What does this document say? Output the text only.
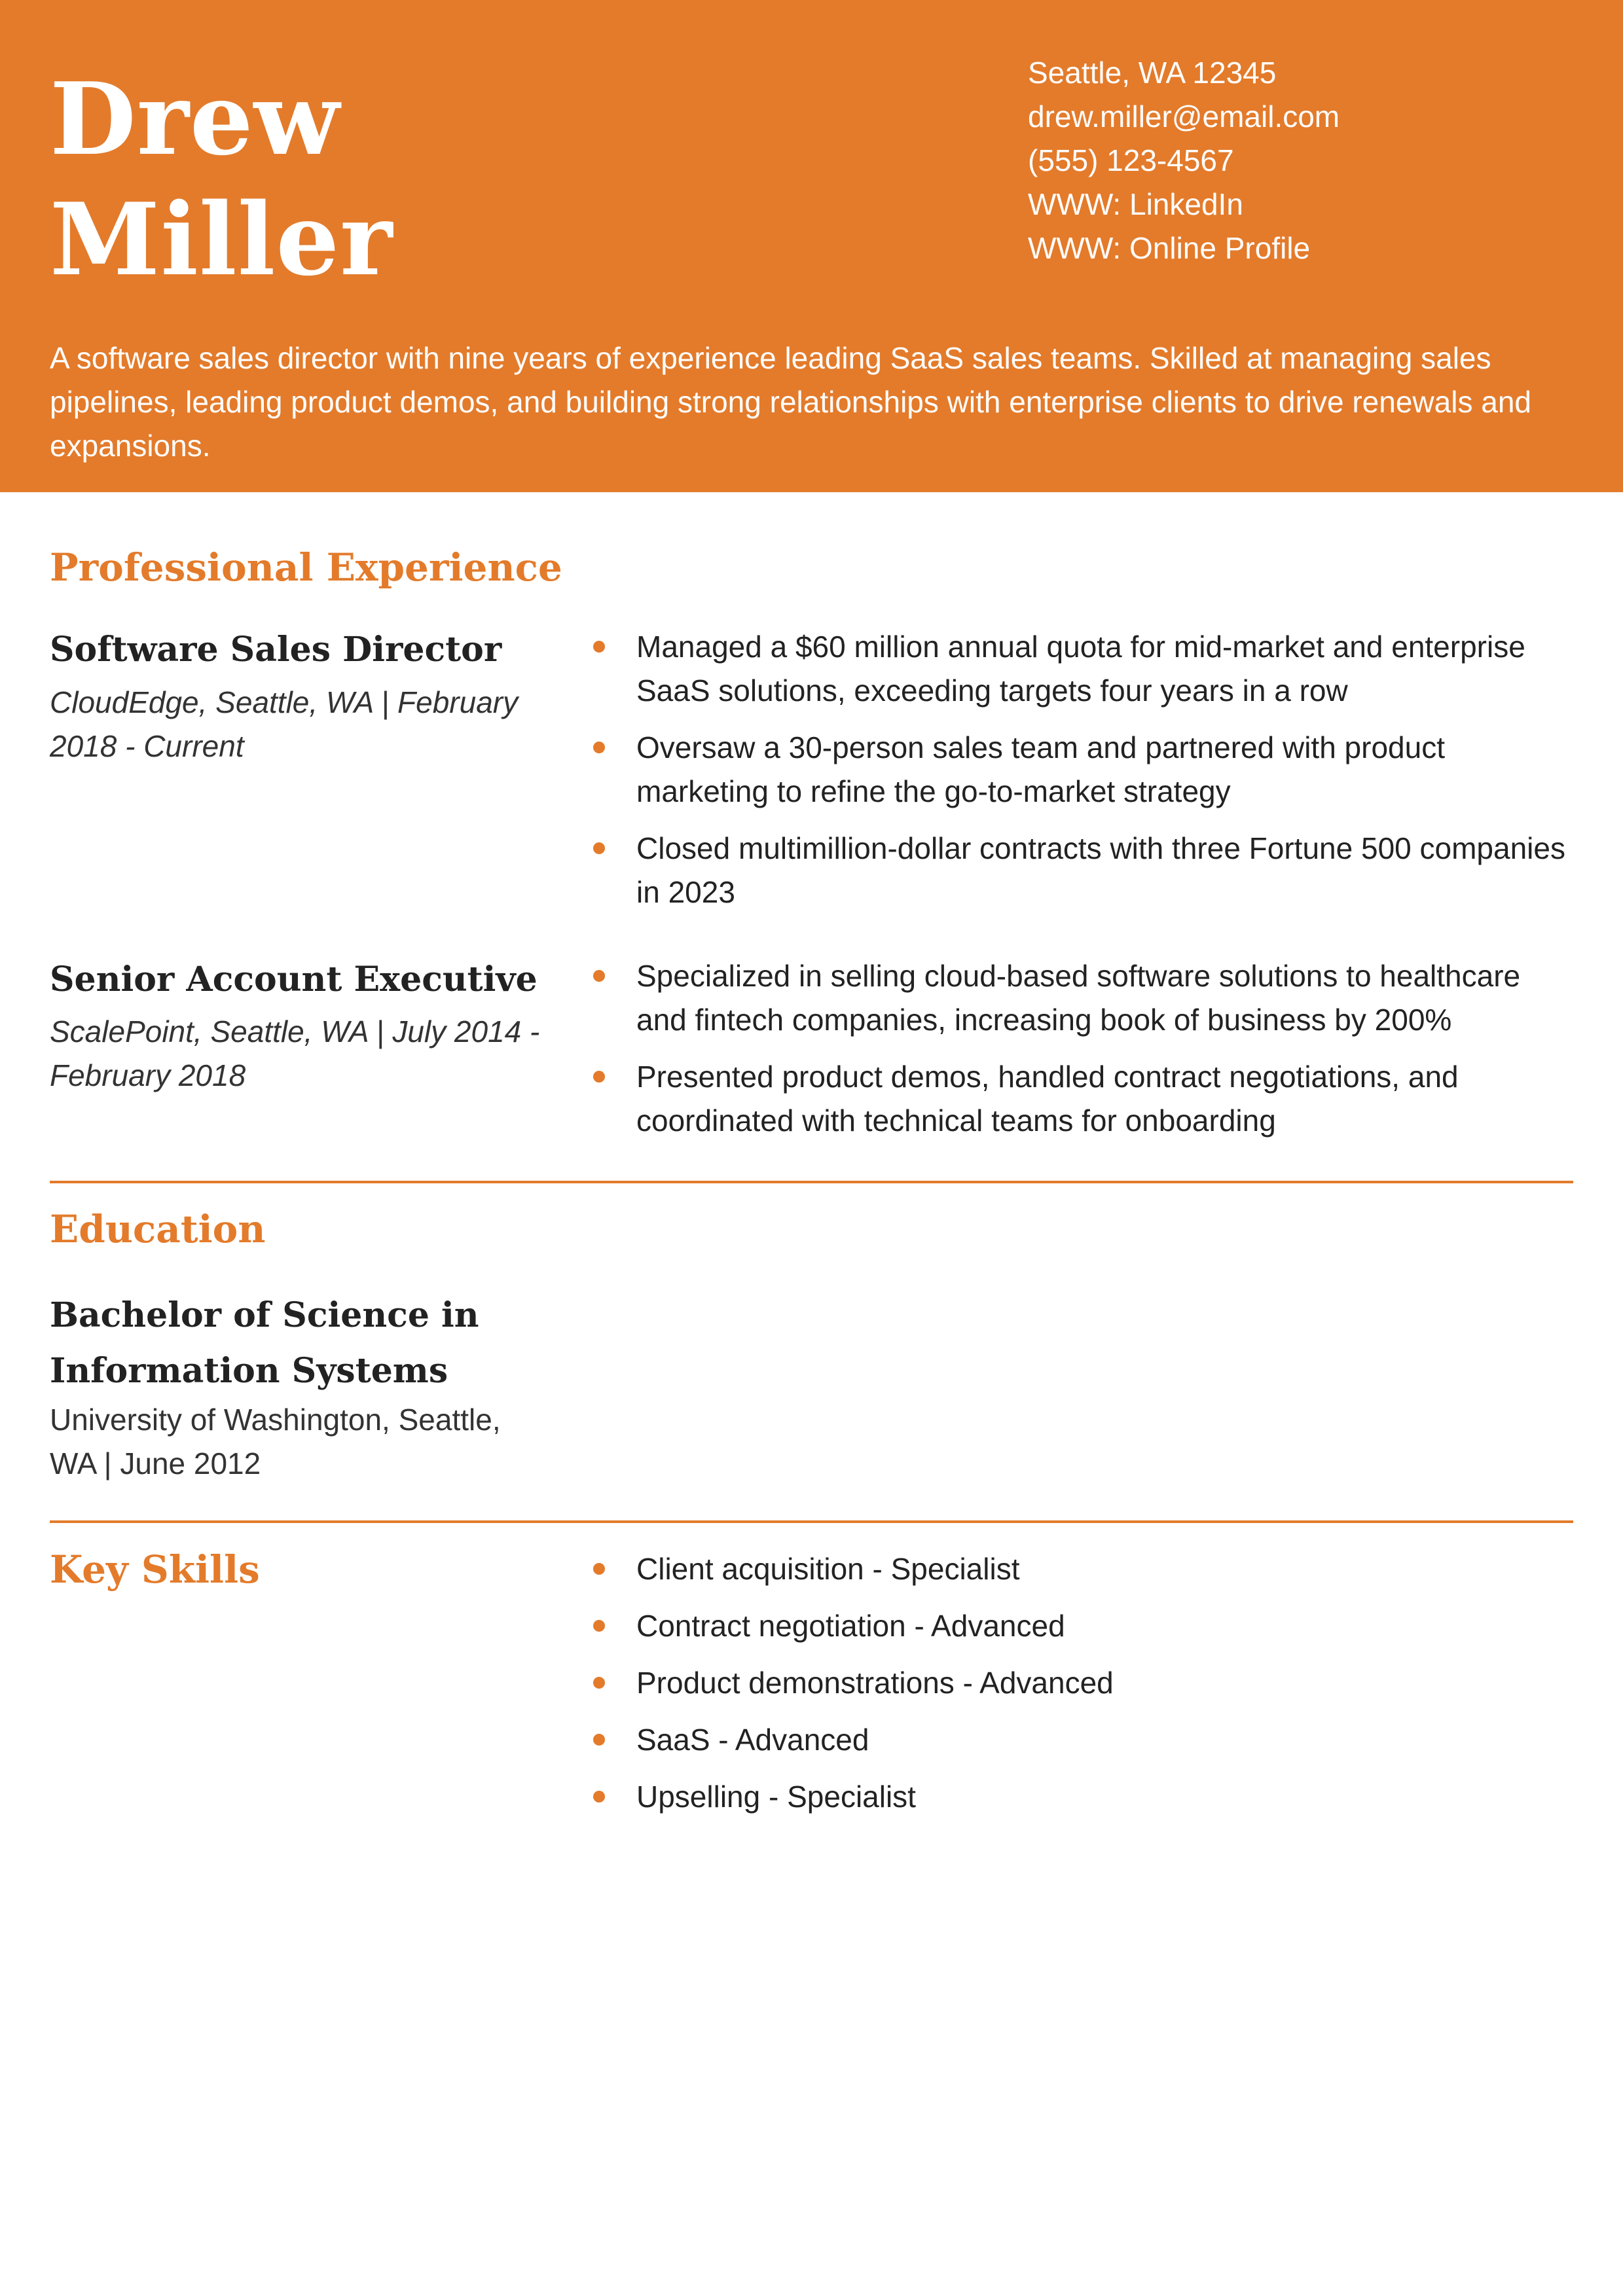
Drew
Miller
Seattle, WA 12345
drew.miller@email.com
(555) 123-4567
WWW: LinkedIn
WWW: Online Profile

A software sales director with nine years of experience leading SaaS sales teams. Skilled at managing sales pipelines, leading product demos, and building strong relationships with enterprise clients to drive renewals and expansions.

Professional Experience
Software Sales Director

CloudEdge, Seattle, WA | February 2018 - Current

Managed a $60 million annual quota for mid-market and enterprise SaaS solutions, exceeding targets four years in a row
Oversaw a 30-person sales team and partnered with product marketing to refine the go-to-market strategy
Closed multimillion-dollar contracts with three Fortune 500 companies in 2023
Senior Account Executive

ScalePoint, Seattle, WA | July 2014 - February 2018

Specialized in selling cloud-based software solutions to healthcare and fintech companies, increasing book of business by 200%
Presented product demos, handled contract negotiations, and coordinated with technical teams for onboarding
Education
Bachelor of Science in Information Systems

University of Washington, Seattle, WA | June 2012

Key Skills	Client acquisition - Specialist
Contract negotiation - Advanced
Product demonstrations - Advanced
SaaS - Advanced
Upselling - Specialist
